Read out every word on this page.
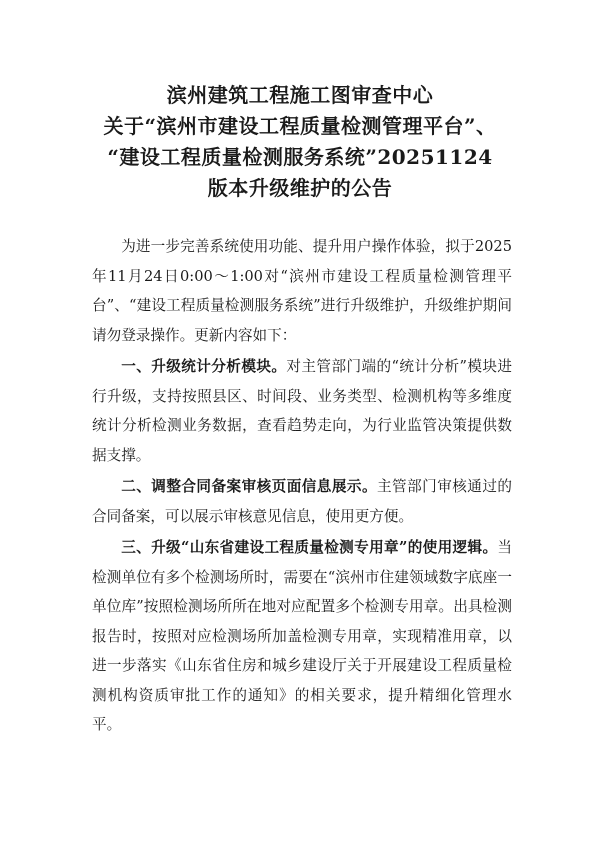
滨州建筑工程施工图审查中心
关于“滨州市建设工程质量检测管理平台”、
“建设工程质量检测服务系统”20251124
版本升级维护的公告

为进一步完善系统使用功能、提升用户操作体验，拟于2025年11月24日0:00～1:00对“滨州市建设工程质量检测管理平台”、“建设工程质量检测服务系统”进行升级维护，升级维护期间请勿登录操作。更新内容如下：

一、升级统计分析模块。对主管部门端的“统计分析”模块进行升级，支持按照县区、时间段、业务类型、检测机构等多维度统计分析检测业务数据，查看趋势走向，为行业监管决策提供数据支撑。

二、调整合同备案审核页面信息展示。主管部门审核通过的合同备案，可以展示审核意见信息，使用更方便。

三、升级“山东省建设工程质量检测专用章”的使用逻辑。当检测单位有多个检测场所时，需要在“滨州市住建领域数字底座一单位库”按照检测场所所在地对应配置多个检测专用章。出具检测报告时，按照对应检测场所加盖检测专用章，实现精准用章，以进一步落实《山东省住房和城乡建设厅关于开展建设工程质量检测机构资质审批工作的通知》的相关要求，提升精细化管理水平。
